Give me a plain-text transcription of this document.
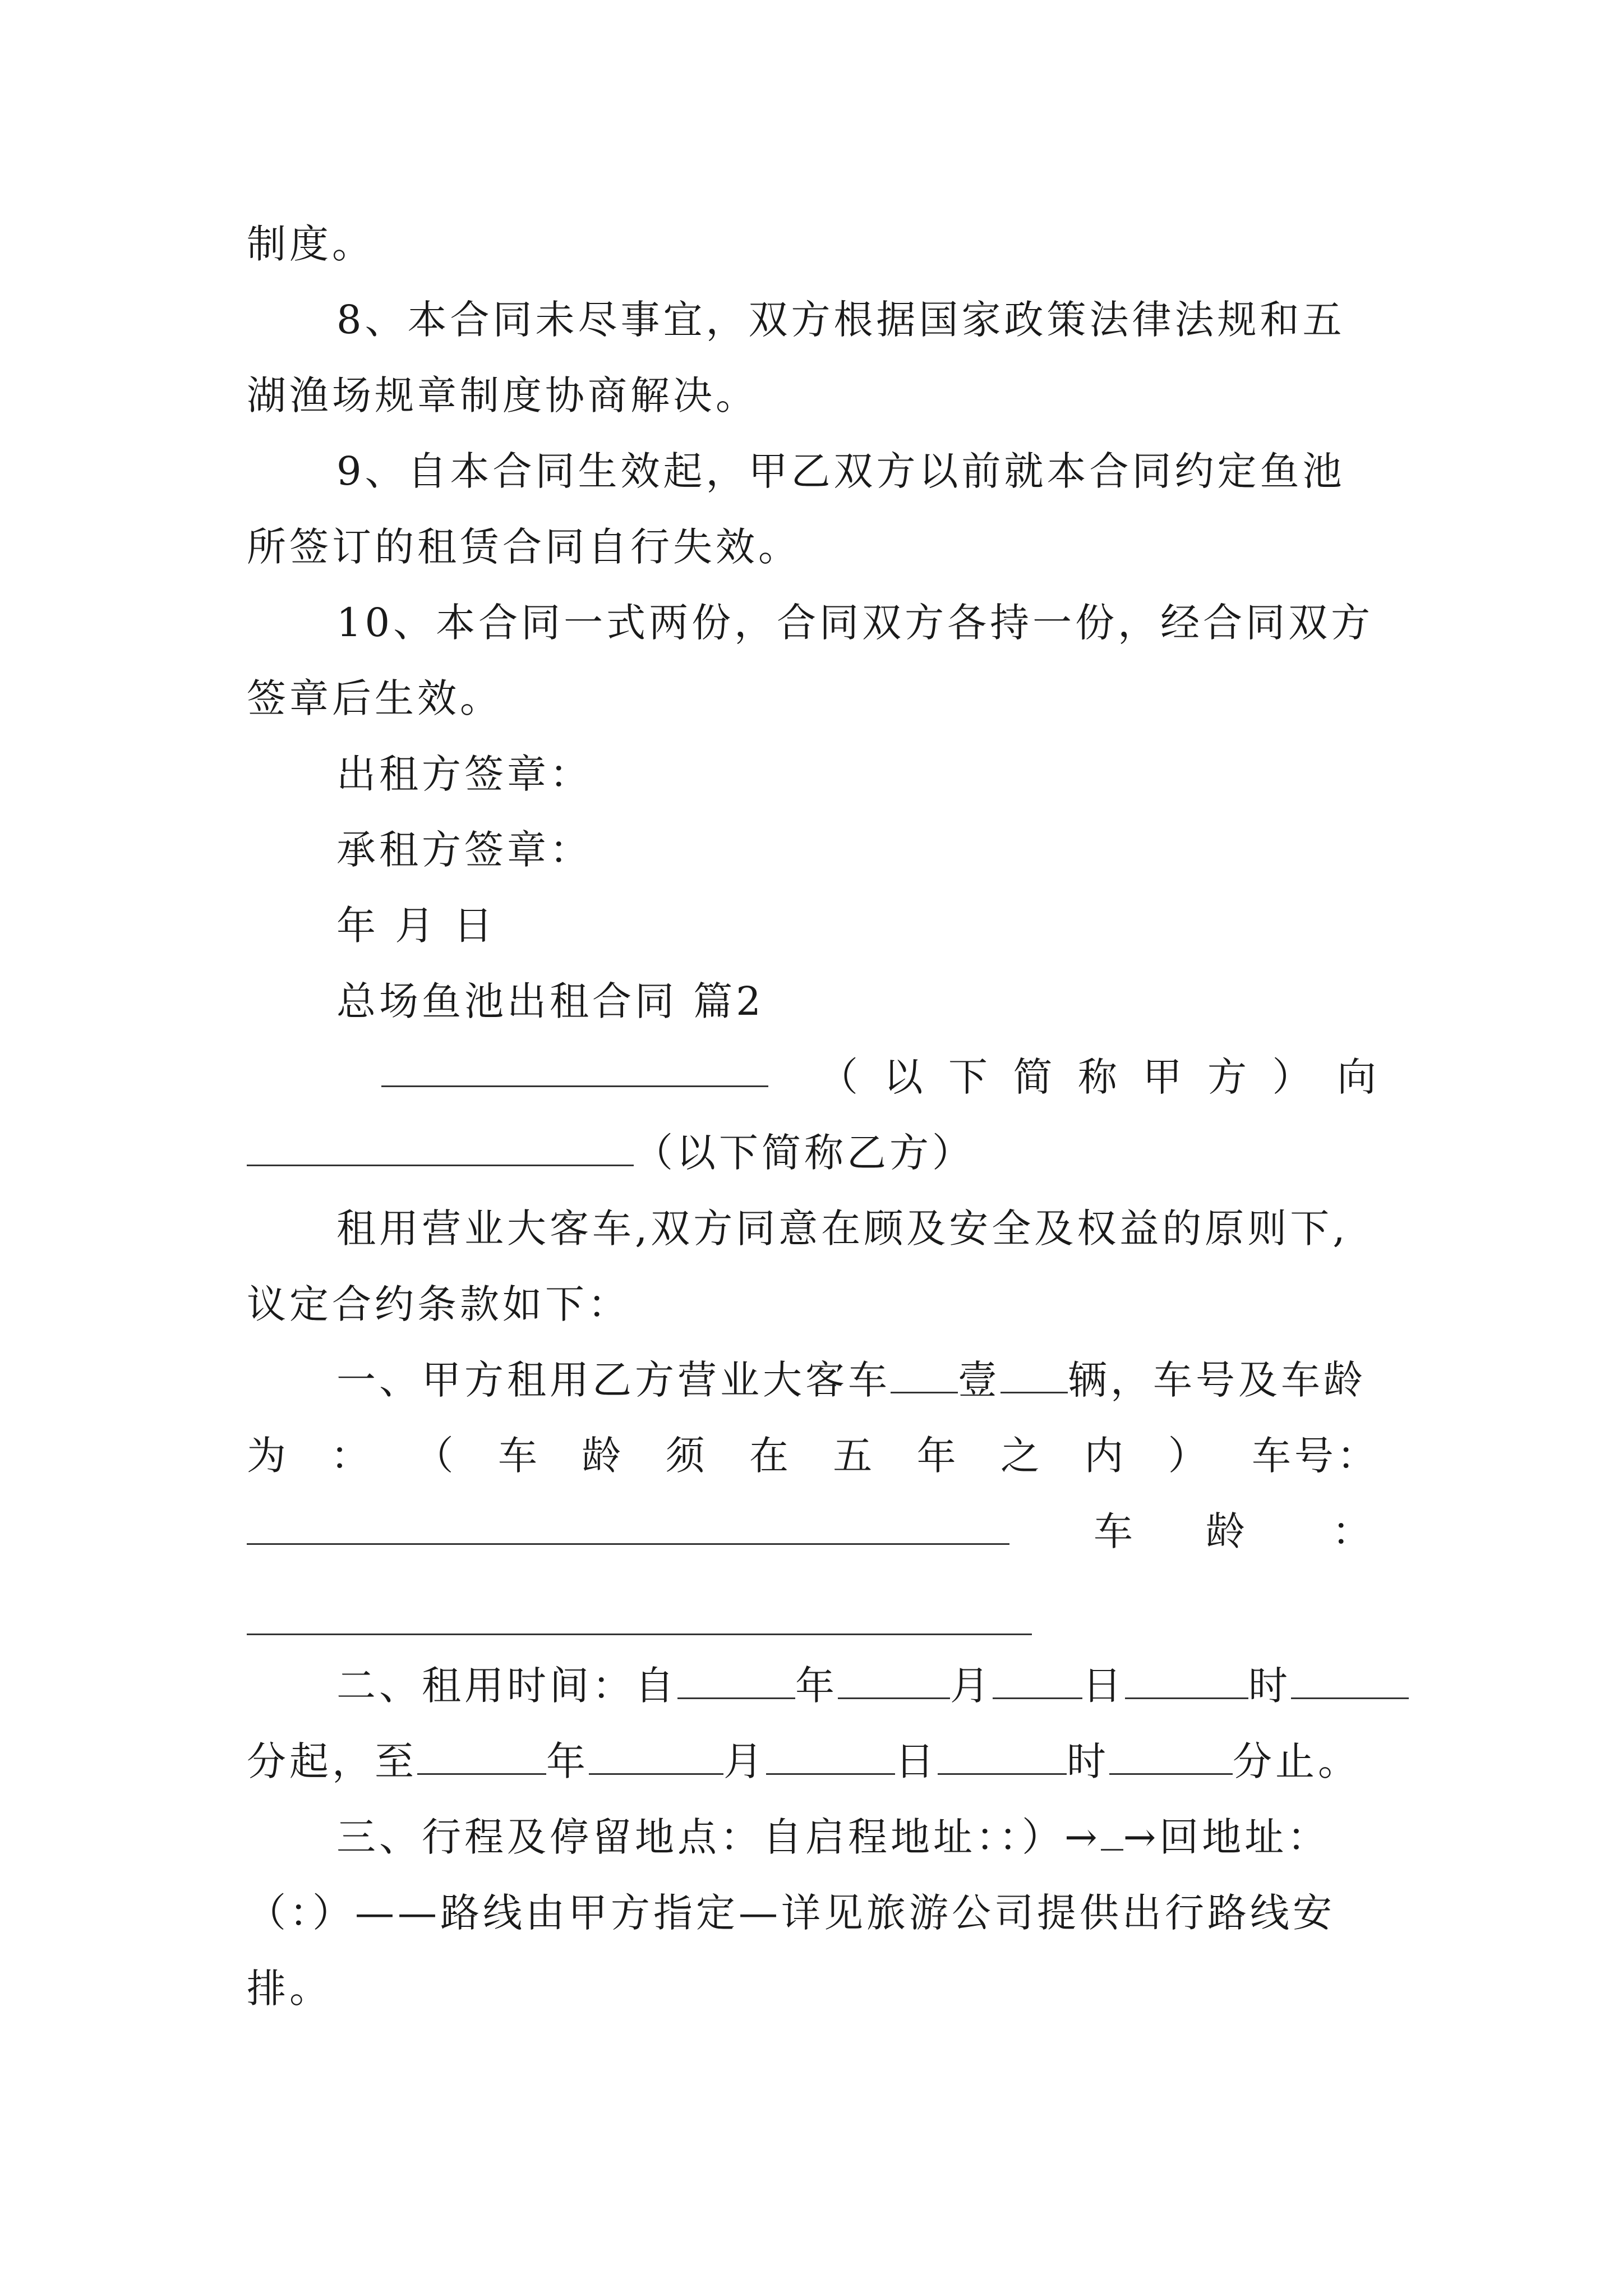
制度。
8、本合同未尽事宜，双方根据国家政策法律法规和五
湖渔场规章制度协商解决。
9、自本合同生效起，甲乙双方以前就本合同约定鱼池
所签订的租赁合同自行失效。
10、本合同一式两份，合同双方各持一份，经合同双方
签章后生效。
出租方签章：
承租方签章：
年 月 日
总场鱼池出租合同 篇2
（ 以 下 简 称 甲 方 ） 向
（以下简称乙方）
租用营业大客车,双方同意在顾及安全及权益的原则下,
议定合约条款如下：
一、甲方租用乙方营业大客车 壹 辆，车号及车龄
为 ： （ 车 龄 须 在 五 年 之 内 ） 车号：
车 龄 ：
二、租用时间：自	年	月 日	时
分起，至	年	月	日	时	分止。
三、行程及停留地点：自启程地址：：）→ →回地址：
（：）——路线由甲方指定—详见旅游公司提供出行路线安
排。
